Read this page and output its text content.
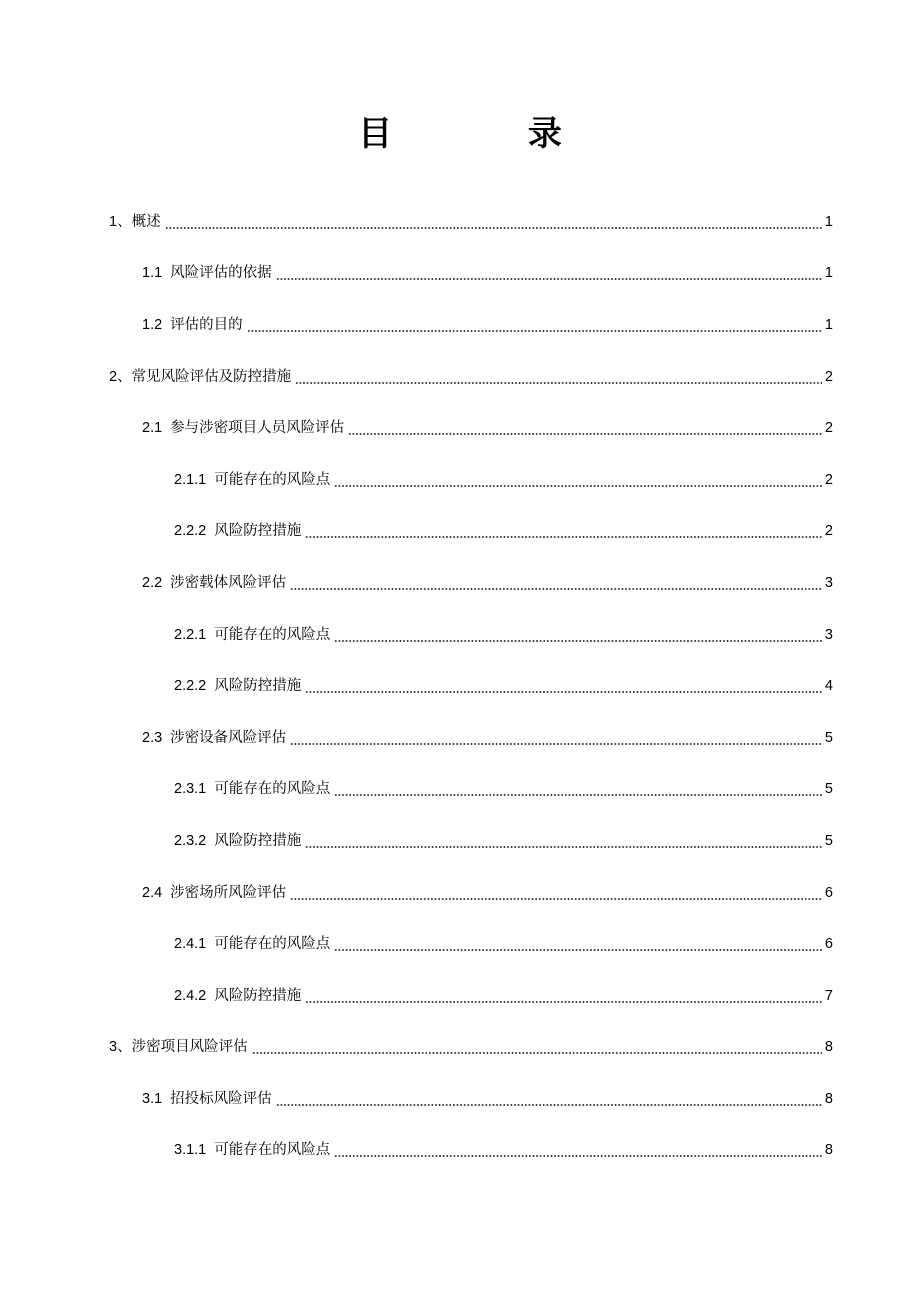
目 录
1、 概述	1
1.1 风险评估的依据	1
1.2 评估的目的	1
2、 常见风险评估及防控措施	2
2.1 参与涉密项目人员风险评估	2
2.1.1 可能存在的风险点	2
2.2.2 风险防控措施	2
2.2 涉密载体风险评估	3
2.2.1 可能存在的风险点	3
2.2.2 风险防控措施	4
2.3 涉密设备风险评估	5
2.3.1 可能存在的风险点	5
2.3.2 风险防控措施	5
2.4 涉密场所风险评估	6
2.4.1 可能存在的风险点	6
2.4.2 风险防控措施	7
3、 涉密项目风险评估	8
3.1 招投标风险评估	8
3.1.1 可能存在的风险点	8
